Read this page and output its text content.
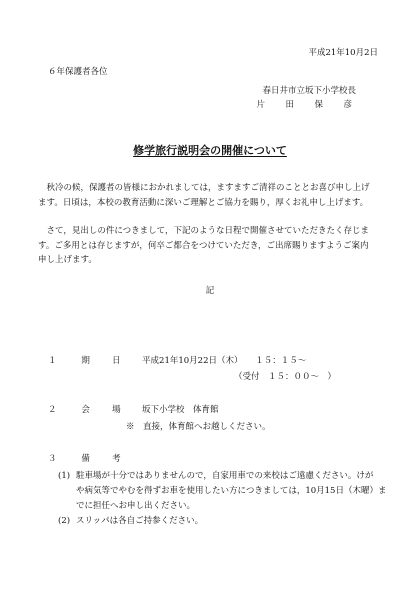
平成21年10月2日
６年保護者各位
春日井市立坂下小学校長
片　田　保　彦
修学旅行説明会の開催について

　秋冷の候，保護者の皆様におかれましては，ますますご清祥のこととお喜び申し上げ

ます。日頃は，本校の教育活動に深いご理解とご協力を賜り，厚くお礼申し上げます。

　さて，見出しの件につきまして，下記のような日程で開催させていただきたく存じま

す。ご多用とは存じますが，何卒ご都合をつけていただき，ご出席賜りますようご案内

申し上げます。

記
１	期	日	平成21年10月22日（木）　　１５：１５～
（受付　１５：００～　）
２	会	場	坂下小学校　体育館
※　直接，体育館へお越しください。
３	備	考

(1) 駐車場が十分ではありませんので，自家用車での来校はご遠慮ください。けが

や病気等でやむを得ずお車を使用したい方につきましては，10月15日（木曜）ま

でに担任へお申し出ください。

(2) スリッパは各自ご持参ください。
